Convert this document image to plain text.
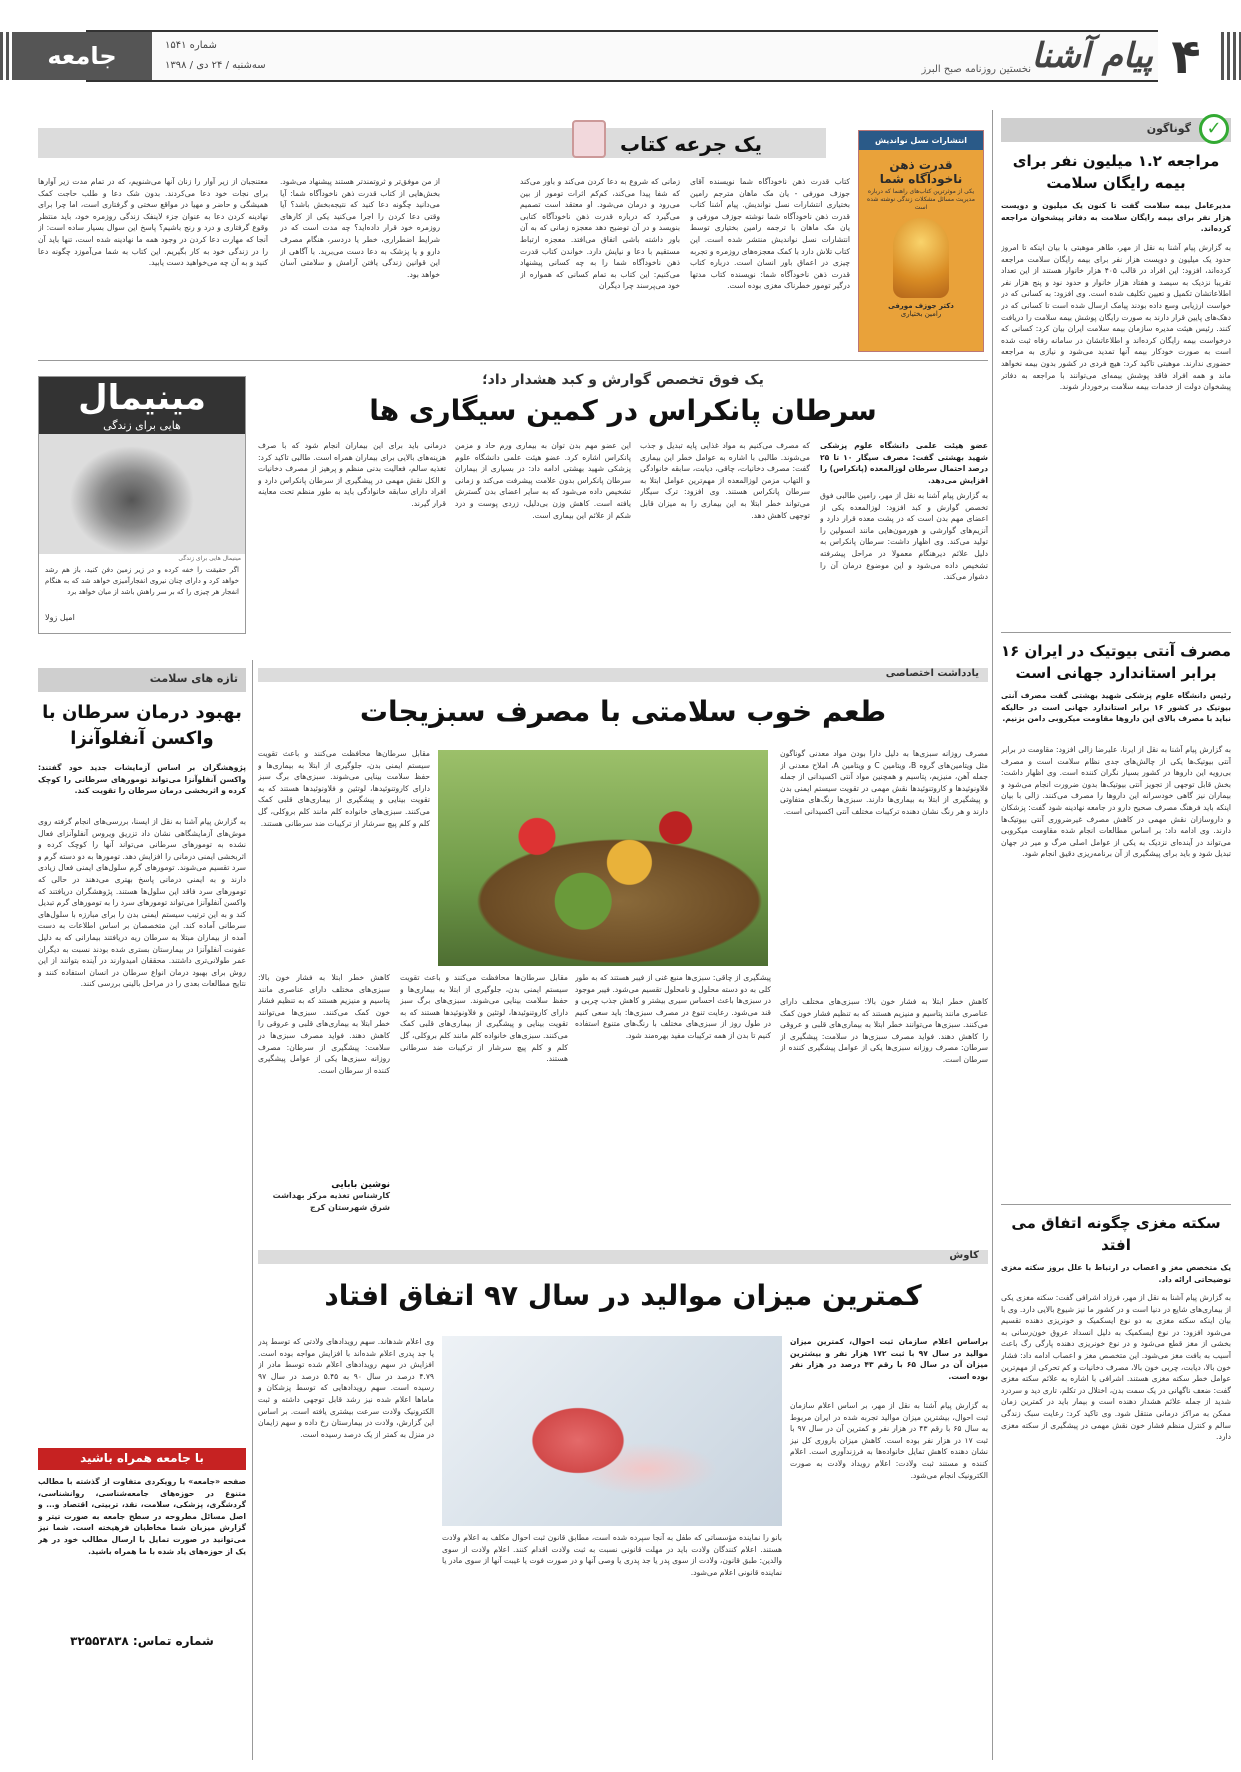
۴
پیام آشنا
نخستین روزنامه صبح البرز
شماره ۱۵۴۱
سه‌شنبه / ۲۴ دی / ۱۳۹۸
جامعه
✓
گوناگون
مراجعه ۱.۲ میلیون نفر برای بیمه رایگان سلامت
مدیرعامل بیمه سلامت گفت تا کنون یک میلیون و دویست هزار نفر برای بیمه رایگان سلامت به دفاتر پیشخوان مراجعه کرده‌اند.
به گزارش پیام آشنا به نقل از مهر، طاهر موهبتی با بیان اینکه تا امروز حدود یک میلیون و دویست هزار نفر برای بیمه رایگان سلامت مراجعه کرده‌اند، افزود: این افراد در قالب ۴۰۵ هزار خانوار هستند از این تعداد تقریبا نزدیک به سیصد و هفتاد هزار خانوار و حدود نود و پنج هزار نفر اطلاعاتشان تکمیل و تعیین تکلیف شده است. وی افزود: به کسانی که در خواست ارزیابی وسع داده بودند پیامک ارسال شده است تا کسانی که در دهک‌های پایین قرار دارند به صورت رایگان پوشش بیمه سلامت را دریافت کنند. رئیس هیئت مدیره سازمان بیمه سلامت ایران بیان کرد: کسانی که درخواست بیمه رایگان کرده‌اند و اطلاعاتشان در سامانه رفاه ثبت شده است به صورت خودکار بیمه آنها تمدید می‌شود و نیازی به مراجعه حضوری ندارند. موهبتی تاکید کرد: هیچ فردی در کشور بدون بیمه نخواهد ماند و همه افراد فاقد پوشش بیمه‌ای می‌توانند با مراجعه به دفاتر پیشخوان دولت از خدمات بیمه سلامت برخوردار شوند.
مصرف آنتی بیوتیک در ایران ۱۶ برابر استاندارد جهانی است
رئیس دانشگاه علوم پزشکی شهید بهشتی گفت مصرف آنتی بیوتیک در کشور ۱۶ برابر استاندارد جهانی است در حالیکه نباید با مصرف بالای این داروها مقاومت میکروبی دامن بزنیم.
به گزارش پیام آشنا به نقل از ایرنا، علیرضا زالی افزود: مقاومت در برابر آنتی بیوتیک‌ها یکی از چالش‌های جدی نظام سلامت است و مصرف بی‌رویه این داروها در کشور بسیار نگران کننده است. وی اظهار داشت: بخش قابل توجهی از تجویز آنتی بیوتیک‌ها بدون ضرورت انجام می‌شود و بیماران نیز گاهی خودسرانه این داروها را مصرف می‌کنند. زالی با بیان اینکه باید فرهنگ مصرف صحیح دارو در جامعه نهادینه شود گفت: پزشکان و داروسازان نقش مهمی در کاهش مصرف غیرضروری آنتی بیوتیک‌ها دارند. وی ادامه داد: بر اساس مطالعات انجام شده مقاومت میکروبی می‌تواند در آینده‌ای نزدیک به یکی از عوامل اصلی مرگ و میر در جهان تبدیل شود و باید برای پیشگیری از آن برنامه‌ریزی دقیق انجام شود.
سکته مغزی چگونه اتفاق می افتد
یک متخصص مغز و اعصاب در ارتباط با علل بروز سکته مغزی توضیحاتی ارائه داد.
به گزارش پیام آشنا به نقل از مهر، فرزاد اشرافی گفت: سکته مغزی یکی از بیماری‌های شایع در دنیا است و در کشور ما نیز شیوع بالایی دارد. وی با بیان اینکه سکته مغزی به دو نوع ایسکمیک و خونریزی دهنده تقسیم می‌شود افزود: در نوع ایسکمیک به دلیل انسداد عروق خون‌رسانی به بخشی از مغز قطع می‌شود و در نوع خونریزی دهنده پارگی رگ باعث آسیب به بافت مغز می‌شود. این متخصص مغز و اعصاب ادامه داد: فشار خون بالا، دیابت، چربی خون بالا، مصرف دخانیات و کم تحرکی از مهم‌ترین عوامل خطر سکته مغزی هستند. اشرافی با اشاره به علائم سکته مغزی گفت: ضعف ناگهانی در یک سمت بدن، اختلال در تکلم، تاری دید و سردرد شدید از جمله علائم هشدار دهنده است و بیمار باید در کمترین زمان ممکن به مراکز درمانی منتقل شود. وی تاکید کرد: رعایت سبک زندگی سالم و کنترل منظم فشار خون نقش مهمی در پیشگیری از سکته مغزی دارد.
یک جرعه کتاب	انتشارات نسل نواندیش
قدرت ذهن ناخودآگاه شما
یکی از موثرترین کتاب‌های راهنما که درباره مدیریت مسائل مشکلات زندگی نوشته شده است
دکتر جوزف مورفی
رامین بختیاری
کتاب قدرت ذهن ناخودآگاه شما نویسنده آقای جوزف مورفی - یان مک ماهان مترجم رامین بختیاری انتشارات نسل نواندیش. پیام آشنا کتاب قدرت ذهن ناخودآگاه شما نوشته جوزف مورفی و یان مک ماهان با ترجمه رامین بختیاری توسط انتشارات نسل نواندیش منتشر شده است. این کتاب تلاش دارد با کمک معجزه‌های روزمره و تجربه چیزی در اعماق باور انسان است. درباره کتاب قدرت ذهن ناخودآگاه شما: نویسنده کتاب مدتها درگیر تومور خطرناک مغزی بوده است.
زمانی که شروع به دعا کردن می‌کند و باور می‌کند که شفا پیدا می‌کند، کم‌کم اثرات تومور از بین می‌رود و درمان می‌شود. او معتقد است تصمیم می‌گیرد که درباره قدرت ذهن ناخودآگاه کتابی بنویسد و در آن توضیح دهد معجزه زمانی که به آن باور داشته باشی اتفاق می‌افتد. معجزه ارتباط مستقیم با دعا و نیایش دارد. خواندن کتاب قدرت ذهن ناخودآگاه شما را به چه کسانی پیشنهاد می‌کنیم: این کتاب به تمام کسانی که همواره از خود می‌پرسند چرا دیگران
از من موفق‌تر و ثروتمندتر هستند پیشنهاد می‌شود. بخش‌هایی از کتاب قدرت ذهن ناخودآگاه شما: آیا می‌دانید چگونه دعا کنید که نتیجه‌بخش باشد؟ آیا وقتی دعا کردن را اجرا می‌کنید یکی از کارهای روزمره خود قرار داده‌اید؟ چه مدت است که در شرایط اضطراری، خطر یا دردسر، هنگام مصرف دارو و یا پزشک به دعا دست می‌برید. با آگاهی از این قوانین زندگی یافتن آرامش و سلامتی آسان خواهد بود.
معتنجبان از زیر آوار را زنان آنها می‌شنویم، که در تمام مدت زیر آوارها برای نجات خود دعا می‌کردند. بدون شک دعا و طلب حاجت کمک همیشگی و حاضر و مهیا در مواقع سختی و گرفتاری است، اما چرا برای نهادینه کردن دعا به عنوان جزء لاینفک زندگی روزمره خود، باید منتظر وقوع گرفتاری و درد و رنج باشیم؟ پاسخ این سوال بسیار ساده است: از آنجا که مهارت دعا کردن در وجود همه ما نهادینه شده است، تنها باید آن را در زندگی خود به کار بگیریم. این کتاب به شما می‌آموزد چگونه دعا کنید و به آن چه می‌خواهید دست یابید.
یک فوق تخصص گوارش و کبد هشدار داد؛
سرطان پانکراس در کمین سیگاری ها
عضو هیئت علمی دانشگاه علوم پزشکی شهید بهشتی گفت: مصرف سیگار ۱۰ تا ۲۵ درصد احتمال سرطان لوزالمعده (پانکراس) را افزایش می‌دهد.
به گزارش پیام آشنا به نقل از مهر، رامین طالبی فوق تخصص گوارش و کبد افزود: لوزالمعده یکی از اعضای مهم بدن است که در پشت معده قرار دارد و آنزیم‌های گوارشی و هورمون‌هایی مانند انسولین را تولید می‌کند. وی اظهار داشت: سرطان پانکراس به دلیل علائم دیرهنگام معمولا در مراحل پیشرفته تشخیص داده می‌شود و این موضوع درمان آن را دشوار می‌کند.
که مصرف می‌کنیم به مواد غذایی پایه تبدیل و جذب می‌شوند. طالبی با اشاره به عوامل خطر این بیماری گفت: مصرف دخانیات، چاقی، دیابت، سابقه خانوادگی و التهاب مزمن لوزالمعده از مهم‌ترین عوامل ابتلا به سرطان پانکراس هستند. وی افزود: ترک سیگار می‌تواند خطر ابتلا به این بیماری را به میزان قابل توجهی کاهش دهد.
این عضو مهم بدن توان به بیماری ورم حاد و مزمن پانکراس اشاره کرد. عضو هیئت علمی دانشگاه علوم پزشکی شهید بهشتی ادامه داد: در بسیاری از بیماران سرطان پانکراس بدون علامت پیشرفت می‌کند و زمانی تشخیص داده می‌شود که به سایر اعضای بدن گسترش یافته است. کاهش وزن بی‌دلیل، زردی پوست و درد شکم از علائم این بیماری است.
درمانی باید برای این بیماران انجام شود که با صرف هزینه‌های بالایی برای بیماران همراه است. طالبی تاکید کرد: تغذیه سالم، فعالیت بدنی منظم و پرهیز از مصرف دخانیات و الکل نقش مهمی در پیشگیری از سرطان پانکراس دارد و افراد دارای سابقه خانوادگی باید به طور منظم تحت معاینه قرار گیرند.
مینیمال
هایی برای زندگی
مینیمال هایی برای زندگی
اگر حقیقت را خفه کرده و در زیر زمین دفن کنید، باز هم رشد خواهد کرد و دارای چنان نیروی انفجارآمیزی خواهد شد که به هنگام انفجار هر چیزی را که بر سر راهش باشد از میان خواهد برد
امیل زولا
تازه های سلامت
بهبود درمان سرطان با واکسن آنفلوآنزا
پژوهشگران بر اساس آزمایشات جدید خود گفتند: واکسن آنفلوآنزا می‌تواند تومورهای سرطانی را کوچک کرده و اثربخشی درمان سرطان را تقویت کند.
به گزارش پیام آشنا به نقل از ایسنا، بررسی‌های انجام گرفته روی موش‌های آزمایشگاهی نشان داد تزریق ویروس آنفلوآنزای فعال نشده به تومورهای سرطانی می‌تواند آنها را کوچک کرده و اثربخشی ایمنی درمانی را افزایش دهد. تومورها به دو دسته گرم و سرد تقسیم می‌شوند. تومورهای گرم سلول‌های ایمنی فعال زیادی دارند و به ایمنی درمانی پاسخ بهتری می‌دهند در حالی که تومورهای سرد فاقد این سلول‌ها هستند. پژوهشگران دریافتند که واکسن آنفلوآنزا می‌تواند تومورهای سرد را به تومورهای گرم تبدیل کند و به این ترتیب سیستم ایمنی بدن را برای مبارزه با سلول‌های سرطانی آماده کند. این متخصصان بر اساس اطلاعات به دست آمده از بیماران مبتلا به سرطان ریه دریافتند بیمارانی که به دلیل عفونت آنفلوآنزا در بیمارستان بستری شده بودند نسبت به دیگران عمر طولانی‌تری داشتند. محققان امیدوارند در آینده بتوانند از این روش برای بهبود درمان انواع سرطان در انسان استفاده کنند و نتایج مطالعات بعدی را در مراحل بالینی بررسی کنند.
با جامعه همراه باشید
صفحه «جامعه» با رویکردی متفاوت از گذشته با مطالب متنوع در حوزه‌های جامعه‌شناسی، روانشناسی، گردشگری، پزشکی، سلامت، نقد، تربیتی، اقتصاد و... و اصل مسائل مطروحه در سطح جامعه به صورت تیتر و گزارش میزبان شما مخاطبان فرهیخته است. شما نیز می‌توانید در صورت تمایل با ارسال مطالب خود در هر یک از حوزه‌های یاد شده با ما همراه باشید.
شماره تماس: ۳۲۵۵۳۸۳۸
یادداشت اختصاصی
طعم خوب سلامتی با مصرف سبزیجات
مصرف روزانه سبزی‌ها به دلیل دارا بودن مواد معدنی گوناگون مثل ویتامین‌های گروه B، ویتامین C و ویتامین A، املاح معدنی از جمله آهن، منیزیم، پتاسیم و همچنین مواد آنتی اکسیدانی از جمله فلاونوئیدها و کاروتنوئیدها نقش مهمی در تقویت سیستم ایمنی بدن و پیشگیری از ابتلا به بیماری‌ها دارند. سبزی‌ها رنگ‌های متفاوتی دارند و هر رنگ نشان دهنده ترکیبات مختلف آنتی اکسیدانی است.
مقابل سرطان‌ها محافظت می‌کنند و باعث تقویت سیستم ایمنی بدن، جلوگیری از ابتلا به بیماری‌ها و حفظ سلامت بینایی می‌شوند. سبزی‌های برگ سبز دارای کاروتنوئیدها، لوتئین و فلاونوئیدها هستند که به تقویت بینایی و پیشگیری از بیماری‌های قلبی کمک می‌کنند. سبزی‌های خانواده کلم مانند کلم بروکلی، گل کلم و کلم پیچ سرشار از ترکیبات ضد سرطانی هستند.
کاهش خطر ابتلا به فشار خون بالا: سبزی‌های مختلف دارای عناصری مانند پتاسیم و منیزیم هستند که به تنظیم فشار خون کمک می‌کنند. سبزی‌ها می‌توانند خطر ابتلا به بیماری‌های قلبی و عروقی را کاهش دهند. فواید مصرف سبزی‌ها در سلامت: پیشگیری از سرطان: مصرف روزانه سبزی‌ها یکی از عوامل پیشگیری کننده از سرطان است.
پیشگیری از چاقی: سبزی‌ها منبع غنی از فیبر هستند که به طور کلی به دو دسته محلول و نامحلول تقسیم می‌شود. فیبر موجود در سبزی‌ها باعث احساس سیری بیشتر و کاهش جذب چربی و قند می‌شود. رعایت تنوع در مصرف سبزی‌ها: باید سعی کنیم در طول روز از سبزی‌های مختلف با رنگ‌های متنوع استفاده کنیم تا بدن از همه ترکیبات مفید بهره‌مند شود.
مقابل سرطان‌ها محافظت می‌کنند و باعث تقویت سیستم ایمنی بدن، جلوگیری از ابتلا به بیماری‌ها و حفظ سلامت بینایی می‌شوند. سبزی‌های برگ سبز دارای کاروتنوئیدها، لوتئین و فلاونوئیدها هستند که به تقویت بینایی و پیشگیری از بیماری‌های قلبی کمک می‌کنند. سبزی‌های خانواده کلم مانند کلم بروکلی، گل کلم و کلم پیچ سرشار از ترکیبات ضد سرطانی هستند.
نوشین بابایی
کارشناس تغذیه مرکز بهداشت شرق شهرستان کرج
کاهش خطر ابتلا به فشار خون بالا: سبزی‌های مختلف دارای عناصری مانند پتاسیم و منیزیم هستند که به تنظیم فشار خون کمک می‌کنند. سبزی‌ها می‌توانند خطر ابتلا به بیماری‌های قلبی و عروقی را کاهش دهند. فواید مصرف سبزی‌ها در سلامت: پیشگیری از سرطان: مصرف روزانه سبزی‌ها یکی از عوامل پیشگیری کننده از سرطان است.
کاوش
کمترین میزان موالید در سال ۹۷ اتفاق افتاد
براساس اعلام سازمان ثبت احوال، کمترین میزان موالید در سال ۹۷ با ثبت ۱۷۲ هزار نفر و بیشترین میزان آن در سال ۶۵ با رقم ۴۳ درصد در هزار نفر بوده است.
به گزارش پیام آشنا به نقل از مهر، بر اساس اعلام سازمان ثبت احوال، بیشترین میزان موالید تجربه شده در ایران مربوط به سال ۶۵ با رقم ۴۳ در هزار نفر و کمترین آن در سال ۹۷ با ثبت ۱۷ در هزار نفر بوده است. کاهش میزان باروری کل نیز نشان دهنده کاهش تمایل خانواده‌ها به فرزندآوری است. اعلام کننده و مستند ثبت ولادت: اعلام رویداد ولادت به صورت الکترونیک انجام می‌شود.
بانو را نماینده مؤسساتی که طفل به آنجا سپرده شده است، مطابق قانون ثبت احوال مکلف به اعلام ولادت هستند. اعلام کنندگان ولادت باید در مهلت قانونی نسبت به ثبت ولادت اقدام کنند. اعلام ولادت از سوی والدین: طبق قانون، ولادت از سوی پدر یا جد پدری یا وصی آنها و در صورت فوت یا غیبت آنها از سوی مادر یا نماینده قانونی اعلام می‌شود.
وی اعلام شدهاند. سهم رویدادهای ولادتی که توسط پدر یا جد پدری اعلام شده‌اند با افزایش مواجه بوده است. افزایش در سهم رویدادهای اعلام شده توسط مادر از ۴.۷۹ درصد در سال ۹۰ به ۵.۴۵ درصد در سال ۹۷ رسیده است. سهم رویدادهایی که توسط پزشکان و ماماها اعلام شده نیز رشد قابل توجهی داشته و ثبت الکترونیک ولادت سرعت بیشتری یافته است. بر اساس این گزارش، ولادت در بیمارستان رخ داده و سهم زایمان در منزل به کمتر از یک درصد رسیده است.
